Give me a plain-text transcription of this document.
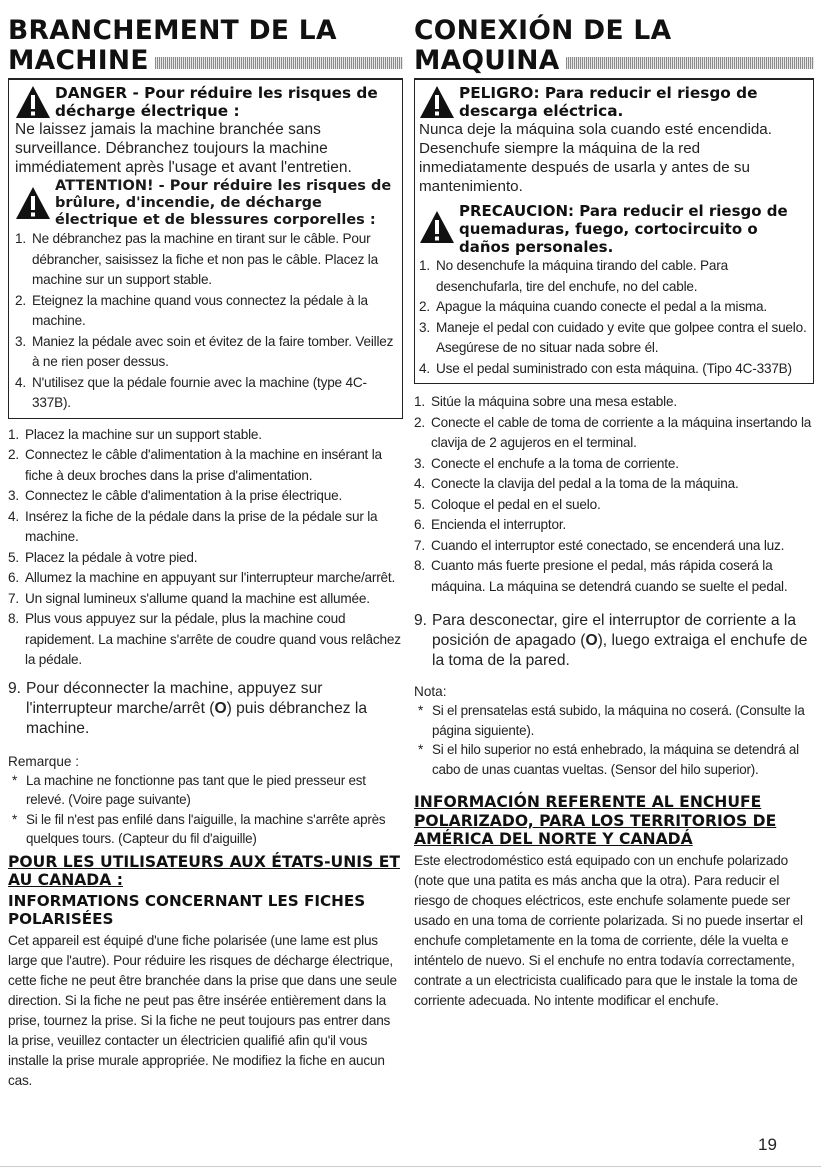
BRANCHEMENT DE LA
MACHINE
DANGER - Pour réduire les risques de décharge électrique :

Ne laissez jamais la machine branchée sans surveillance. Débranchez toujours la machine immédiatement après l'usage et avant l'entretien.

ATTENTION! - Pour réduire les risques de brûlure, d'incendie, de décharge électrique et de blessures corporelles :
1. Ne débranchez pas la machine en tirant sur le câble. Pour débrancher, saisissez la fiche et non pas le câble. Placez la machine sur un support stable.
2. Eteignez la machine quand vous connectez la pédale à la machine.
3. Maniez la pédale avec soin et évitez de la faire tomber. Veillez à ne rien poser dessus.
4. N'utilisez que la pédale fournie avec la machine (type 4C-337B).
1. Placez la machine sur un support stable.
2. Connectez le câble d'alimentation à la machine en insérant la fiche à deux broches dans la prise d'alimentation.
3. Connectez le câble d'alimentation à la prise électrique.
4. Insérez la fiche de la pédale dans la prise de la pédale sur la machine.
5. Placez la pédale à votre pied.
6. Allumez la machine en appuyant sur l'interrupteur marche/arrêt.
7. Un signal lumineux s'allume quand la machine est allumée.
8. Plus vous appuyez sur la pédale, plus la machine coud rapidement. La machine s'arrête de coudre quand vous relâchez la pédale.
9. Pour déconnecter la machine, appuyez sur l'interrupteur marche/arrêt (O) puis débranchez la machine.
Remarque :
* La machine ne fonctionne pas tant que le pied presseur est relevé. (Voire page suivante)
* Si le fil n'est pas enfilé dans l'aiguille, la machine s'arrête après quelques tours. (Capteur du fil d'aiguille)
POUR LES UTILISATEURS AUX ÉTATS-UNIS ET AU CANADA :
INFORMATIONS CONCERNANT LES FICHES POLARISÉES

Cet appareil est équipé d'une fiche polarisée (une lame est plus large que l'autre). Pour réduire les risques de décharge électrique, cette fiche ne peut être branchée dans la prise que dans une seule direction. Si la fiche ne peut pas être insérée entièrement dans la prise, tournez la prise. Si la fiche ne peut toujours pas entrer dans la prise, veuillez contacter un électricien qualifié afin qu'il vous installe la prise murale appropriée. Ne modifiez la fiche en aucun cas.

CONEXIÓN DE LA
MAQUINA
PELIGRO: Para reducir el riesgo de descarga eléctrica.

Nunca deje la máquina sola cuando esté encendida. Desenchufe siempre la máquina de la red inmediatamente después de usarla y antes de su mantenimiento.

PRECAUCION: Para reducir el riesgo de quemaduras, fuego, cortocircuito o daños personales.
1. No desenchufe la máquina tirando del cable. Para desenchufarla, tire del enchufe, no del cable.
2. Apague la máquina cuando conecte el pedal a la misma.
3. Maneje el pedal con cuidado y evite que golpee contra el suelo. Asegúrese de no situar nada sobre él.
4. Use el pedal suministrado con esta máquina. (Tipo 4C-337B)
1. Sitúe la máquina sobre una mesa estable.
2. Conecte el cable de toma de corriente a la máquina insertando la clavija de 2 agujeros en el terminal.
3. Conecte el enchufe a la toma de corriente.
4. Conecte la clavija del pedal a la toma de la máquina.
5. Coloque el pedal en el suelo.
6. Encienda el interruptor.
7. Cuando el interruptor esté conectado, se encenderá una luz.
8. Cuanto más fuerte presione el pedal, más rápida coserá la máquina. La máquina se detendrá cuando se suelte el pedal.
9. Para desconectar, gire el interruptor de corriente a la posición de apagado (O), luego extraiga el enchufe de la toma de la pared.
Nota:
* Si el prensatelas está subido, la máquina no coserá. (Consulte la página siguiente).
* Si el hilo superior no está enhebrado, la máquina se detendrá al cabo de unas cuantas vueltas. (Sensor del hilo superior).
INFORMACIÓN REFERENTE AL ENCHUFE POLARIZADO, PARA LOS TERRITORIOS DE AMÉRICA DEL NORTE Y CANADÁ

Este electrodoméstico está equipado con un enchufe polarizado (note que una patita es más ancha que la otra). Para reducir el riesgo de choques eléctricos, este enchufe solamente puede ser usado en una toma de corriente polarizada. Si no puede insertar el enchufe completamente en la toma de corriente, déle la vuelta e inténtelo de nuevo. Si el enchufe no entra todavía correctamente, contrate a un electricista cualificado para que le instale la toma de corriente adecuada. No intente modificar el enchufe.

19
